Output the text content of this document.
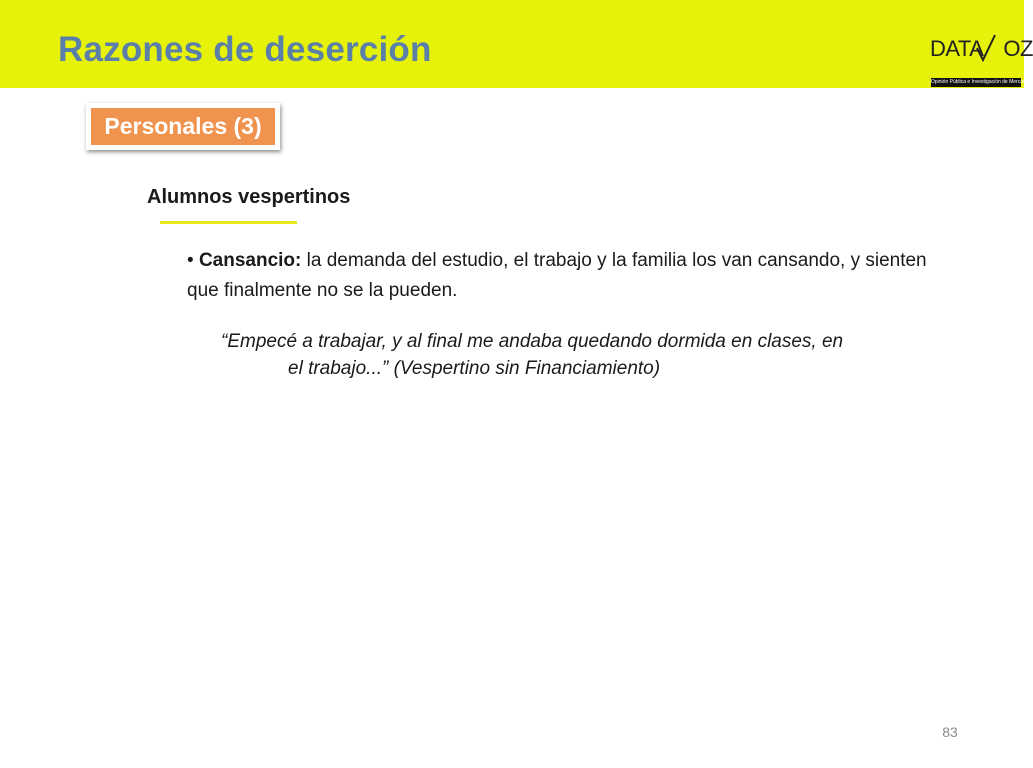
Razones de deserción	DATA OZ
Opinión Pública e Investigación de Mercado
Personales (3)
Alumnos vespertinos
• Cansancio: la demanda del estudio, el trabajo y la familia los van cansando, y sienten que finalmente no se la pueden.
“Empecé a trabajar, y al final me andaba quedando dormida en clases, en
el trabajo...” (Vespertino sin Financiamiento)
83
